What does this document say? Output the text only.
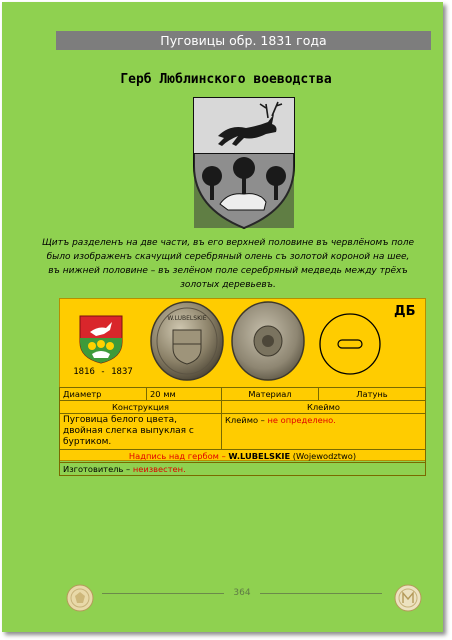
Пуговицы обр. 1831 года
Герб Люблинского воеводства
Щитъ разделенъ на две части, въ его верхней половине въ червлёномъ поле
было изображенъ скачущий серебряный олень съ золотой короной на шее,
въ нижней половине – въ зелёном поле серебряный медведь между трёхъ
золотых деревьевъ.
1816 - 1837
W.LUBELSKIE	ДБ
Диаметр	20 мм	Материал	Латунь
Конструкция		Клеймо	
Пуговица белого цвета, двойная слегка выпуклая с буртиком.		Клеймо – не определено.	
Надпись над гербом – W.LUBELSKIE (Wojewodztwo)			
Изготовитель – неизвестен.			
364
